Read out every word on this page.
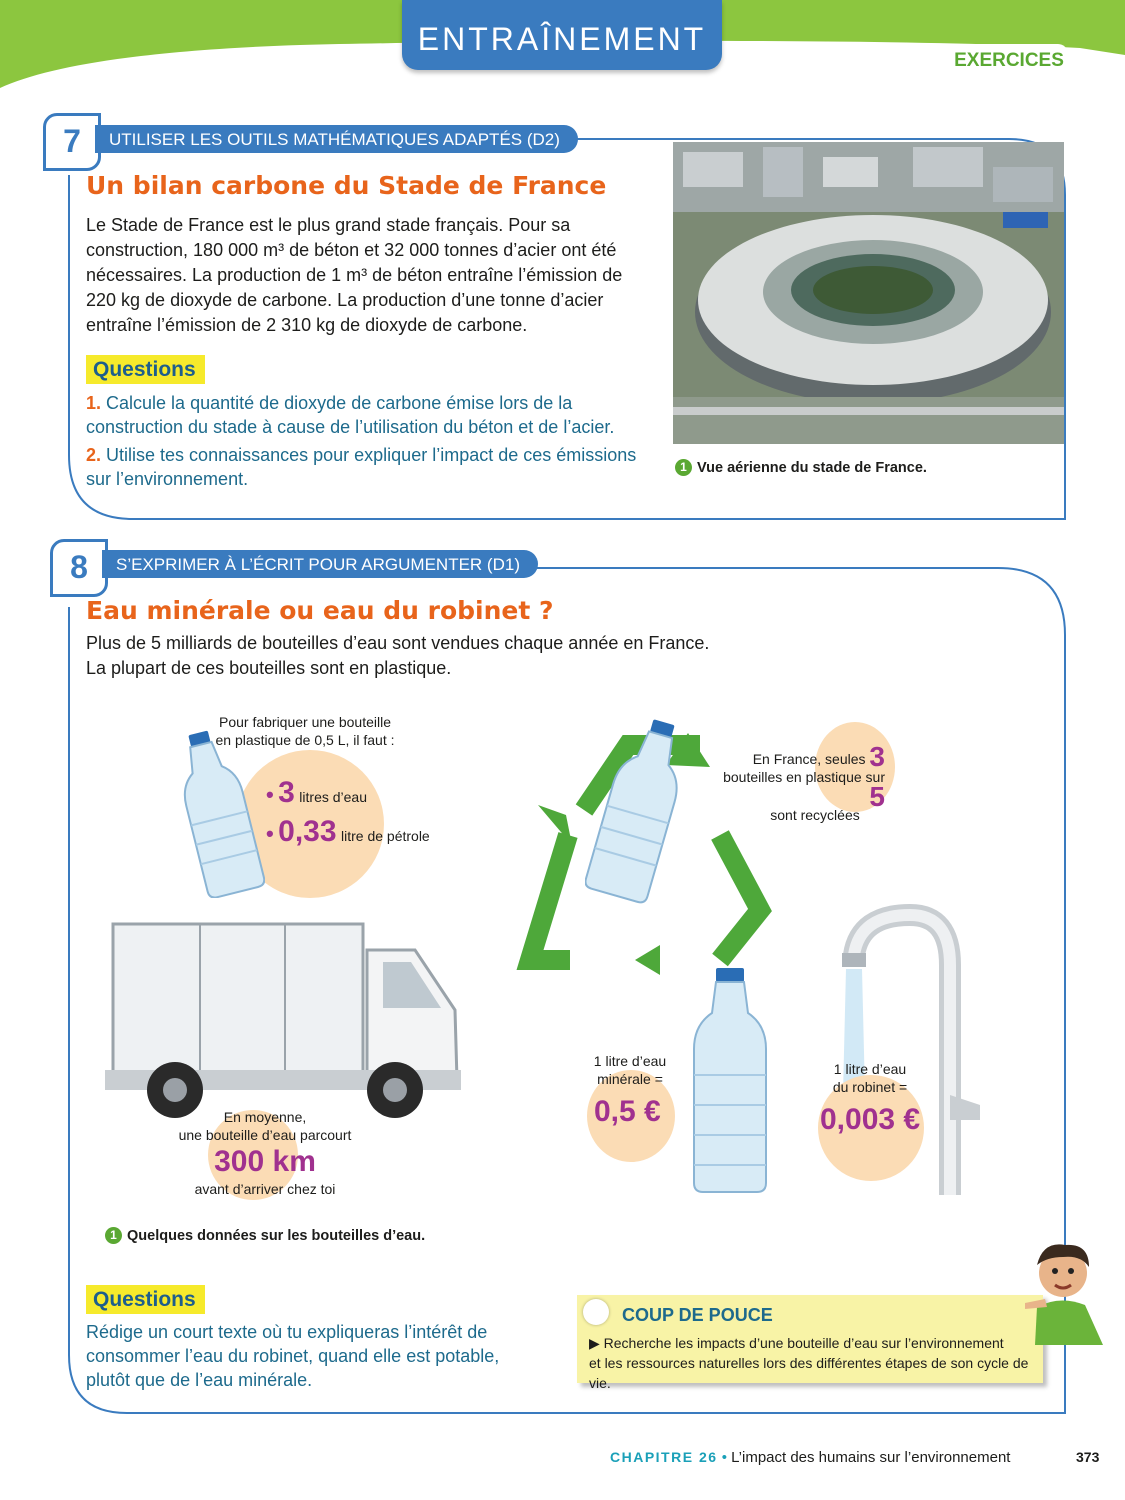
ENTRAÎNEMENT
EXERCICES
7	UTILISER LES OUTILS MATHÉMATIQUES ADAPTÉS (D2)
Un bilan carbone du Stade de France
Le Stade de France est le plus grand stade français. Pour sa
construction, 180 000 m³ de béton et 32 000 tonnes d’acier ont été
nécessaires. La production de 1 m³ de béton entraîne l’émission de
220 kg de dioxyde de carbone. La production d’une tonne d’acier
entraîne l’émission de 2 310 kg de dioxyde de carbone.
Questions
1. Calcule la quantité de dioxyde de carbone émise lors de la
construction du stade à cause de l’utilisation du béton et de l’acier.
2. Utilise tes connaissances pour expliquer l’impact de ces émissions
sur l’environnement.
1 Vue aérienne du stade de France.
8	S’EXPRIMER À L’ÉCRIT POUR ARGUMENTER (D1)
Eau minérale ou eau du robinet ?
Plus de 5 milliards de bouteilles d’eau sont vendues chaque année en France.
La plupart de ces bouteilles sont en plastique.
Pour fabriquer une bouteille
en plastique de 0,5 L, il faut :
• 3 litres d’eau
• 0,33 litre de pétrole
En France, seules 3
bouteilles en plastique sur 5
sont recyclées
En moyenne,
une bouteille d’eau parcourt
300 km
avant d’arriver chez toi
1 litre d’eau
minérale =
0,5 €
1 litre d’eau
du robinet =
0,003 €
1 Quelques données sur les bouteilles d’eau.
Questions
Rédige un court texte où tu expliqueras l’intérêt de
consommer l’eau du robinet, quand elle est potable,
plutôt que de l’eau minérale.
COUP DE POUCE
▶ Recherche les impacts d’une bouteille d’eau sur l’environnement
et les ressources naturelles lors des différentes étapes de son cycle de vie.
CHAPITRE 26 • L’impact des humains sur l’environnement	373
